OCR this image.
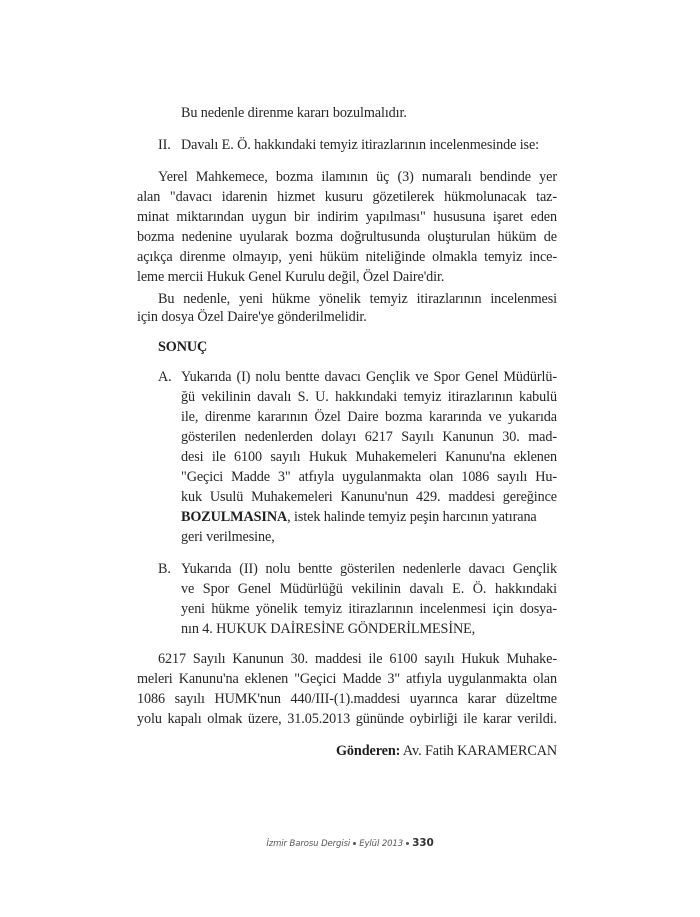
Bu nedenle direnme kararı bozulmalıdır.
II. Davalı E. Ö. hakkındaki temyiz itirazlarının incelenmesinde ise:
Yerel Mahkemece, bozma ilamının üç (3) numaralı bendinde yer
alan "davacı idarenin hizmet kusuru gözetilerek hükmolunacak taz-
minat miktarından uygun bir indirim yapılması" hususuna işaret eden
bozma nedenine uyularak bozma doğrultusunda oluşturulan hüküm de
açıkça direnme olmayıp, yeni hüküm niteliğinde olmakla temyiz ince-
leme mercii Hukuk Genel Kurulu değil, Özel Daire'dir.
Bu nedenle, yeni hükme yönelik temyiz itirazlarının incelenmesi
için dosya Özel Daire'ye gönderilmelidir.
SONUÇ
A. Yukarıda (I) nolu bentte davacı Gençlik ve Spor Genel Müdürlü-
ğü vekilinin davalı S. U. hakkındaki temyiz itirazlarının kabulü
ile, direnme kararının Özel Daire bozma kararında ve yukarıda
gösterilen nedenlerden dolayı 6217 Sayılı Kanunun 30. mad-
desi ile 6100 sayılı Hukuk Muhakemeleri Kanunu'na eklenen
"Geçici Madde 3" atfıyla uygulanmakta olan 1086 sayılı Hu-
kuk Usulü Muhakemeleri Kanunu'nun 429. maddesi gereğince
BOZULMASINA, istek halinde temyiz peşin harcının yatırana
geri verilmesine,
B. Yukarıda (II) nolu bentte gösterilen nedenlerle davacı Gençlik
ve Spor Genel Müdürlüğü vekilinin davalı E. Ö. hakkındaki
yeni hükme yönelik temyiz itirazlarının incelenmesi için dosya-
nın 4. HUKUK DAİRESİNE GÖNDERİLMESİNE,
6217 Sayılı Kanunun 30. maddesi ile 6100 sayılı Hukuk Muhake-
meleri Kanunu'na eklenen "Geçici Madde 3" atfıyla uygulanmakta olan
1086 sayılı HUMK'nun 440/III-(1).maddesi uyarınca karar düzeltme
yolu kapalı olmak üzere, 31.05.2013 gününde oybirliği ile karar verildi.
Gönderen: Av. Fatih KARAMERCAN
İzmir Barosu Dergisi Eylül 2013 330
